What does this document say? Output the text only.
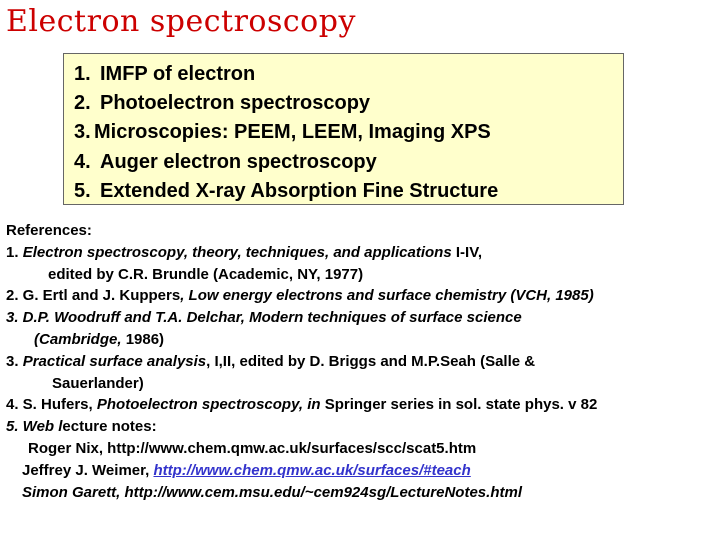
Electron spectroscopy
1. IMFP of electron
2. Photoelectron spectroscopy
3. Microscopies: PEEM, LEEM, Imaging XPS
4. Auger electron spectroscopy
5. Extended X-ray Absorption Fine Structure
References:
1. Electron spectroscopy, theory, techniques, and applications I-IV,
edited by C.R. Brundle (Academic, NY, 1977)
2. G. Ertl and J. Kuppers, Low energy electrons and surface chemistry (VCH, 1985)
3. D.P. Woodruff and T.A. Delchar, Modern techniques of surface science
(Cambridge, 1986)
3. Practical surface analysis, I,II, edited by D. Briggs and M.P.Seah (Salle &
Sauerlander)
4. S. Hufers, Photoelectron spectroscopy, in Springer series in sol. state phys. v 82
5. Web lecture notes:
Roger Nix, http://www.chem.qmw.ac.uk/surfaces/scc/scat5.htm
Jeffrey J. Weimer, http://www.chem.qmw.ac.uk/surfaces/#teach
Simon Garett, http://www.cem.msu.edu/~cem924sg/LectureNotes.html
